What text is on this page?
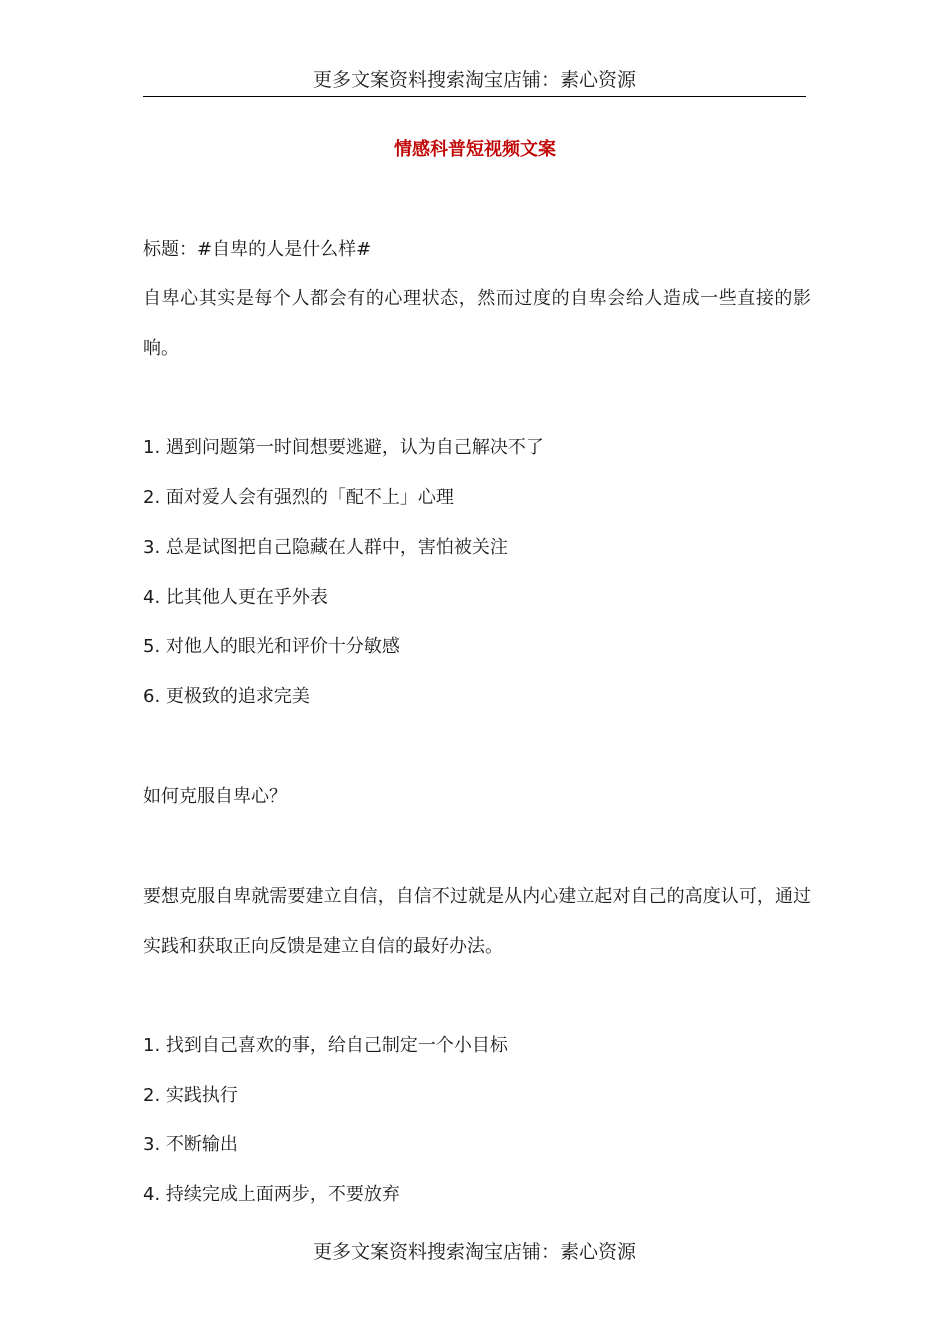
更多文案资料搜索淘宝店铺：素心资源
情感科普短视频文案
标题：#自卑的人是什么样#
自卑心其实是每个人都会有的心理状态，然而过度的自卑会给人造成一些直接的影响。
1. 遇到问题第一时间想要逃避，认为自己解决不了
2. 面对爱人会有强烈的「配不上」心理
3. 总是试图把自己隐藏在人群中，害怕被关注
4. 比其他人更在乎外表
5. 对他人的眼光和评价十分敏感
6. 更极致的追求完美
如何克服自卑心？
要想克服自卑就需要建立自信，自信不过就是从内心建立起对自己的高度认可，通过实践和获取正向反馈是建立自信的最好办法。
1. 找到自己喜欢的事，给自己制定一个小目标
2. 实践执行
3. 不断输出
4. 持续完成上面两步，不要放弃
更多文案资料搜索淘宝店铺：素心资源
